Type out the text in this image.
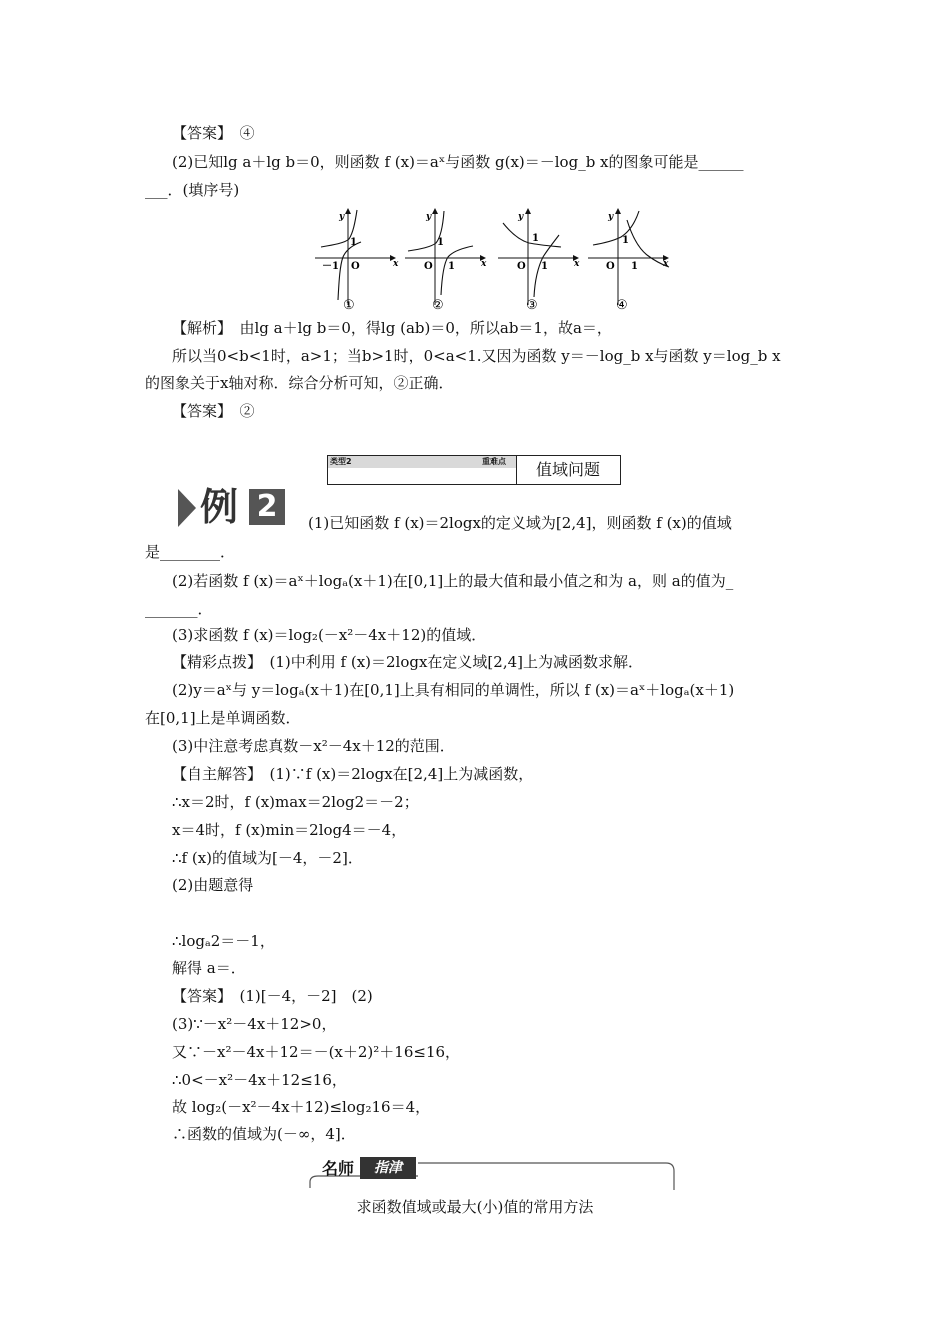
【答案】　④
(2)已知lg a＋lg b＝0，则函数 f (x)＝aˣ与函数 g(x)＝－log_b x的图象可能是______
___．(填序号)
y
x
O
1
－1
①
y
x
O
1
1
②
y
x
O
1
1
③
y
x
O
1
1
④
【解析】　由lg a＋lg b＝0，得lg (ab)＝0，所以ab＝1，故a＝，
所以当0<b<1时，a>1；当b>1时，0<a<1.又因为函数 y＝－log_b x与函数 y＝log_b x
的图象关于x轴对称．综合分析可知，②正确．
【答案】　②
类型2	重难点	值域问题
例 2	(1)已知函数 f (x)＝2logx的定义域为[2,4]，则函数 f (x)的值域
是________．
(2)若函数 f (x)＝aˣ＋logₐ(x＋1)在[0,1]上的最大值和最小值之和为 a，则 a的值为_
_______．
(3)求函数 f (x)＝log₂(－x²－4x＋12)的值域．
【精彩点拨】　(1)中利用 f (x)＝2logx在定义域[2,4]上为减函数求解．
(2)y＝aˣ与 y＝logₐ(x＋1)在[0,1]上具有相同的单调性，所以 f (x)＝aˣ＋logₐ(x＋1)
在[0,1]上是单调函数．
(3)中注意考虑真数－x²－4x＋12的范围．
【自主解答】　(1)∵f (x)＝2logx在[2,4]上为减函数，
∴x＝2时，f (x)max＝2log2＝－2；
x＝4时，f (x)min＝2log4＝－4，
∴f (x)的值域为[－4，－2]．
(2)由题意得
∴logₐ2＝－1，
解得 a＝．
【答案】　(1)[－4，－2]　(2)
(3)∵－x²－4x＋12>0，
又∵－x²－4x＋12＝－(x＋2)²＋16≤16，
∴0<－x²－4x＋12≤16，
故 log₂(－x²－4x＋12)≤log₂16＝4，
∴函数的值域为(－∞，4]．
名师	指津
求函数值域或最大(小)值的常用方法
